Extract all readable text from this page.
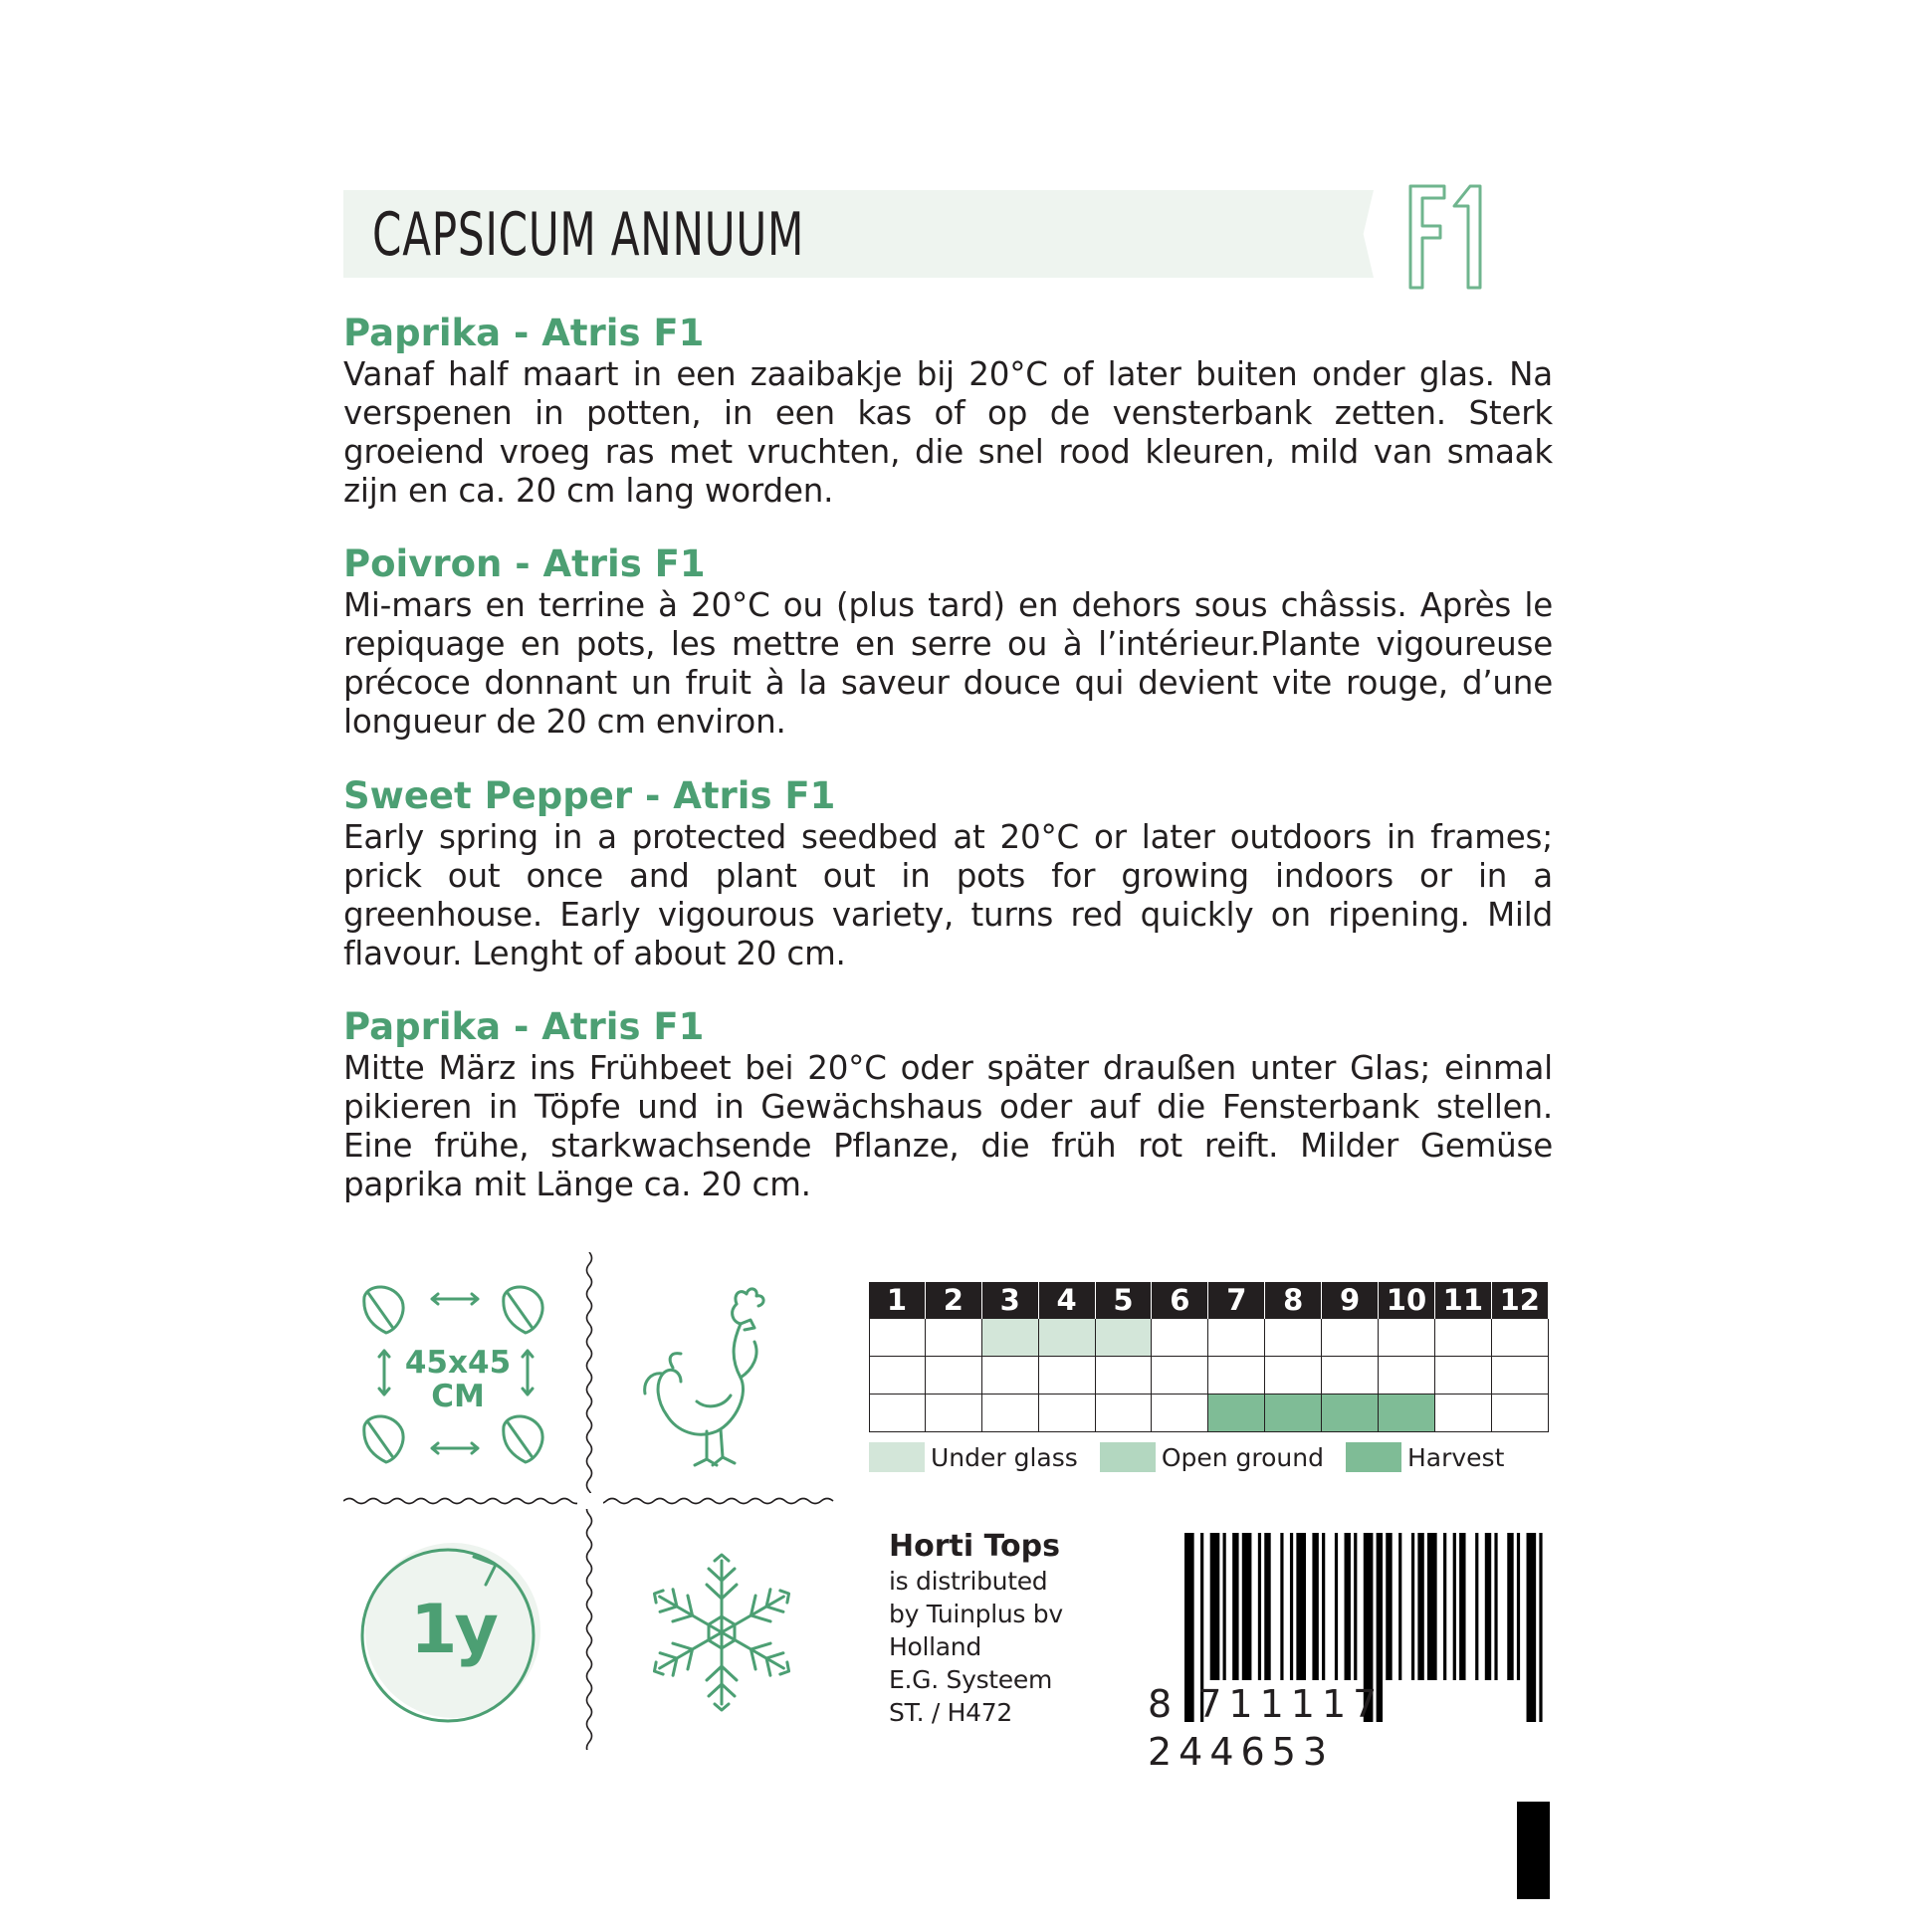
CAPSICUM ANNUUM
Paprika - Atris F1
Vanaf half maart in een zaaibakje bij 20°C of later buiten onder glas. Na verspenen in potten, in een kas of op de vensterbank zetten. Sterk groeiend vroeg ras met vruchten, die snel rood kleuren, mild van smaak zijn en ca. 20 cm lang worden.
Poivron - Atris F1
Mi-mars en terrine à 20°C ou (plus tard) en dehors sous châssis. Après le repiquage en pots, les mettre en serre ou à l’intérieur.Plante vigoureuse précoce donnant un fruit à la saveur douce qui devient vite rouge, d’une longueur de 20 cm environ.
Sweet Pepper - Atris F1
Early spring in a protected seedbed at 20°C or later outdoors in frames; prick out once and plant out in pots for growing indoors or in a greenhouse. Early vigourous variety, turns red quickly on ripening. Mild flavour. Lenght of about 20 cm.
Paprika - Atris F1
Mitte März ins Frühbeet bei 20°C oder später draußen unter Glas; einmal pikieren in Töpfe und in Gewächshaus oder auf die Fensterbank stellen. Eine frühe, starkwachsende Pflanze, die früh rot reift. Milder Gemüse paprika mit Länge ca. 20 cm.
45x45
CM
1y
1	2	3	4	5	6	7	8	9 10 11 12
Under glass	Open ground	Harvest
Horti Tops
is distributed
by Tuinplus bv
Holland
E.G. Systeem
ST. / H472	8 711117 244653
